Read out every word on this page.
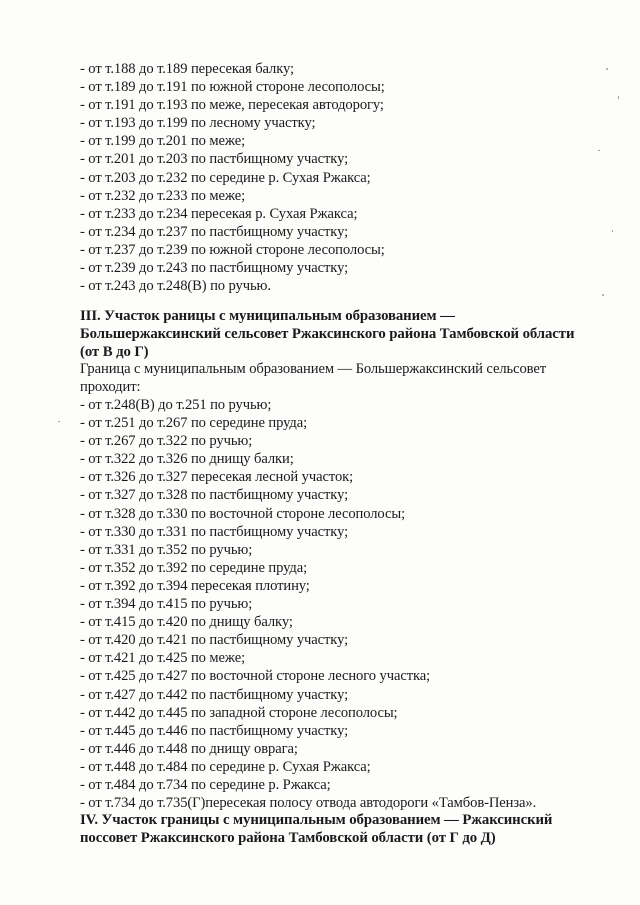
- от т.188 до т.189 пересекая балку;
- от т.189 до т.191 по южной стороне лесополосы;
- от т.191 до т.193 по меже, пересекая автодорогу;
- от т.193 до т.199 по лесному участку;
- от т.199 до т.201 по меже;
- от т.201 до т.203 по пастбищному участку;
- от т.203 до т.232 по середине р. Сухая Ржакса;
- от т.232 до т.233 по меже;
- от т.233 до т.234 пересекая р. Сухая Ржакса;
- от т.234 до т.237 по пастбищному участку;
- от т.237 до т.239 по южной стороне лесополосы;
- от т.239 до т.243 по пастбищному участку;
- от т.243 до т.248(В) по ручью.
III. Участок раницы с муниципальным образованием —
Большержаксинский сельсовет Ржаксинского района Тамбовской области
(от В до Г)
Граница с муниципальным образованием — Большержаксинский сельсовет
проходит:
- от т.248(В) до т.251 по ручью;
- от т.251 до т.267 по середине пруда;
- от т.267 до т.322 по ручью;
- от т.322 до т.326 по днищу балки;
- от т.326 до т.327 пересекая лесной участок;
- от т.327 до т.328 по пастбищному участку;
- от т.328 до т.330 по восточной стороне лесополосы;
- от т.330 до т.331 по пастбищному участку;
- от т.331 до т.352 по ручью;
- от т.352 до т.392 по середине пруда;
- от т.392 до т.394 пересекая плотину;
- от т.394 до т.415 по ручью;
- от т.415 до т.420 по днищу балку;
- от т.420 до т.421 по пастбищному участку;
- от т.421 до т.425 по меже;
- от т.425 до т.427 по восточной стороне лесного участка;
- от т.427 до т.442 по пастбищному участку;
- от т.442 до т.445 по западной стороне лесополосы;
- от т.445 до т.446 по пастбищному участку;
- от т.446 до т.448 по днищу оврага;
- от т.448 до т.484 по середине р. Сухая Ржакса;
- от т.484 до т.734 по середине р. Ржакса;
- от т.734 до т.735(Г)пересекая полосу отвода автодороги «Тамбов-Пенза».
IV. Участок границы с муниципальным образованием — Ржаксинский
поссовет Ржаксинского района Тамбовской области (от Г до Д)
